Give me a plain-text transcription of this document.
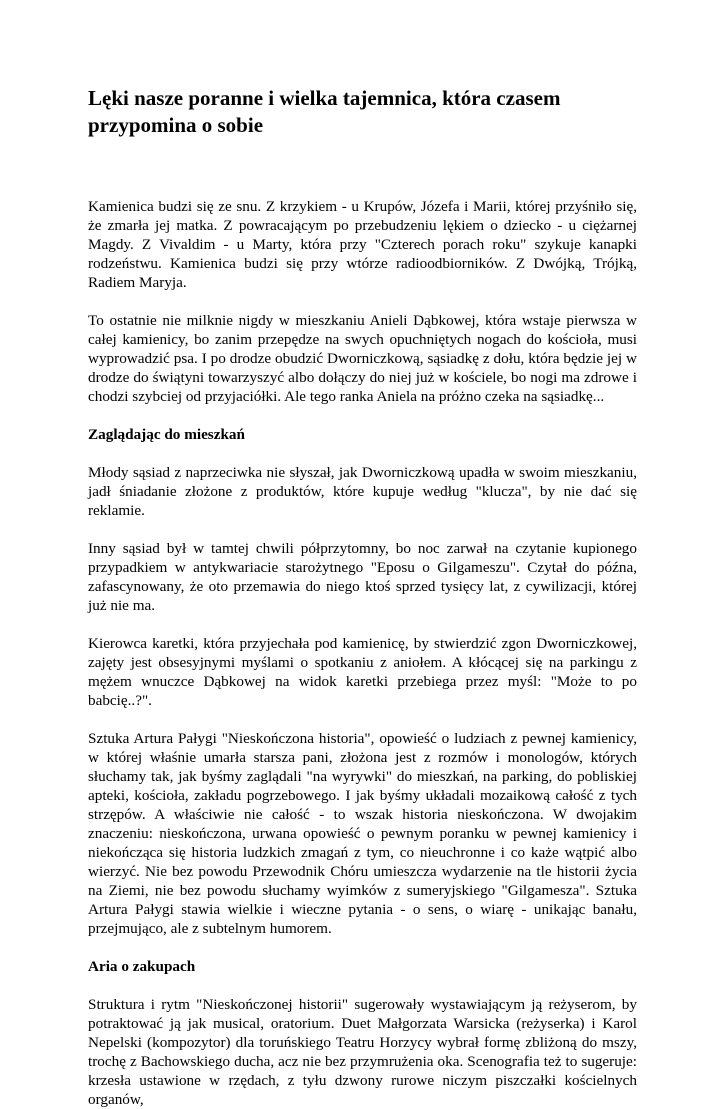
Lęki nasze poranne i wielka tajemnica, która czasem przypomina o sobie

Kamienica budzi się ze snu. Z krzykiem - u Krupów, Józefa i Marii, której przyśniło się, że zmarła jej matka. Z powracającym po przebudzeniu lękiem o dziecko - u ciężarnej Magdy. Z Vivaldim - u Marty, która przy "Czterech porach roku" szykuje kanapki rodzeństwu. Kamienica budzi się przy wtórze radioodbiorników. Z Dwójką, Trójką, Radiem Maryja.

To ostatnie nie milknie nigdy w mieszkaniu Anieli Dąbkowej, która wstaje pierwsza w całej kamienicy, bo zanim przepędze na swych opuchniętych nogach do kościoła, musi wyprowadzić psa. I po drodze obudzić Dworniczkową, sąsiadkę z dołu, która będzie jej w drodze do świątyni towarzyszyć albo dołączy do niej już w kościele, bo nogi ma zdrowe i chodzi szybciej od przyjaciółki. Ale tego ranka Aniela na próżno czeka na sąsiadkę...

Zaglądając do mieszkań

Młody sąsiad z naprzeciwka nie słyszał, jak Dworniczkową upadła w swoim mieszkaniu, jadł śniadanie złożone z produktów, które kupuje według "klucza", by nie dać się reklamie.

Inny sąsiad był w tamtej chwili półprzytomny, bo noc zarwał na czytanie kupionego przypadkiem w antykwariacie starożytnego "Eposu o Gilgameszu". Czytał do późna, zafascynowany, że oto przemawia do niego ktoś sprzed tysięcy lat, z cywilizacji, której już nie ma.

Kierowca karetki, która przyjechała pod kamienicę, by stwierdzić zgon Dworniczkowej, zajęty jest obsesyjnymi myślami o spotkaniu z aniołem. A kłócącej się na parkingu z mężem wnuczce Dąbkowej na widok karetki przebiega przez myśl: "Może to po babcię..?".

Sztuka Artura Pałygi "Nieskończona historia", opowieść o ludziach z pewnej kamienicy, w której właśnie umarła starsza pani, złożona jest z rozmów i monologów, których słuchamy tak, jak byśmy zaglądali "na wyrywki" do mieszkań, na parking, do pobliskiej apteki, kościoła, zakładu pogrzebowego. I jak byśmy układali mozaikową całość z tych strzępów. A właściwie nie całość - to wszak historia nieskończona. W dwojakim znaczeniu: nieskończona, urwana opowieść o pewnym poranku w pewnej kamienicy i niekończąca się historia ludzkich zmagań z tym, co nieuchronne i co każe wątpić albo wierzyć. Nie bez powodu Przewodnik Chóru umieszcza wydarzenie na tle historii życia na Ziemi, nie bez powodu słuchamy wyimków z sumeryjskiego "Gilgamesza". Sztuka Artura Pałygi stawia wielkie i wieczne pytania - o sens, o wiarę - unikając banału, przejmująco, ale z subtelnym humorem.

Aria o zakupach

Struktura i rytm "Nieskończonej historii" sugerowały wystawiającym ją reżyserom, by potraktować ją jak musical, oratorium. Duet Małgorzata Warsicka (reżyserka) i Karol Nepelski (kompozytor) dla toruńskiego Teatru Horzycy wybrał formę zbliżoną do mszy, trochę z Bachowskiego ducha, acz nie bez przymrużenia oka. Scenografia też to sugeruje: krzesła ustawione w rzędach, z tyłu dzwony rurowe niczym piszczałki kościelnych organów,
